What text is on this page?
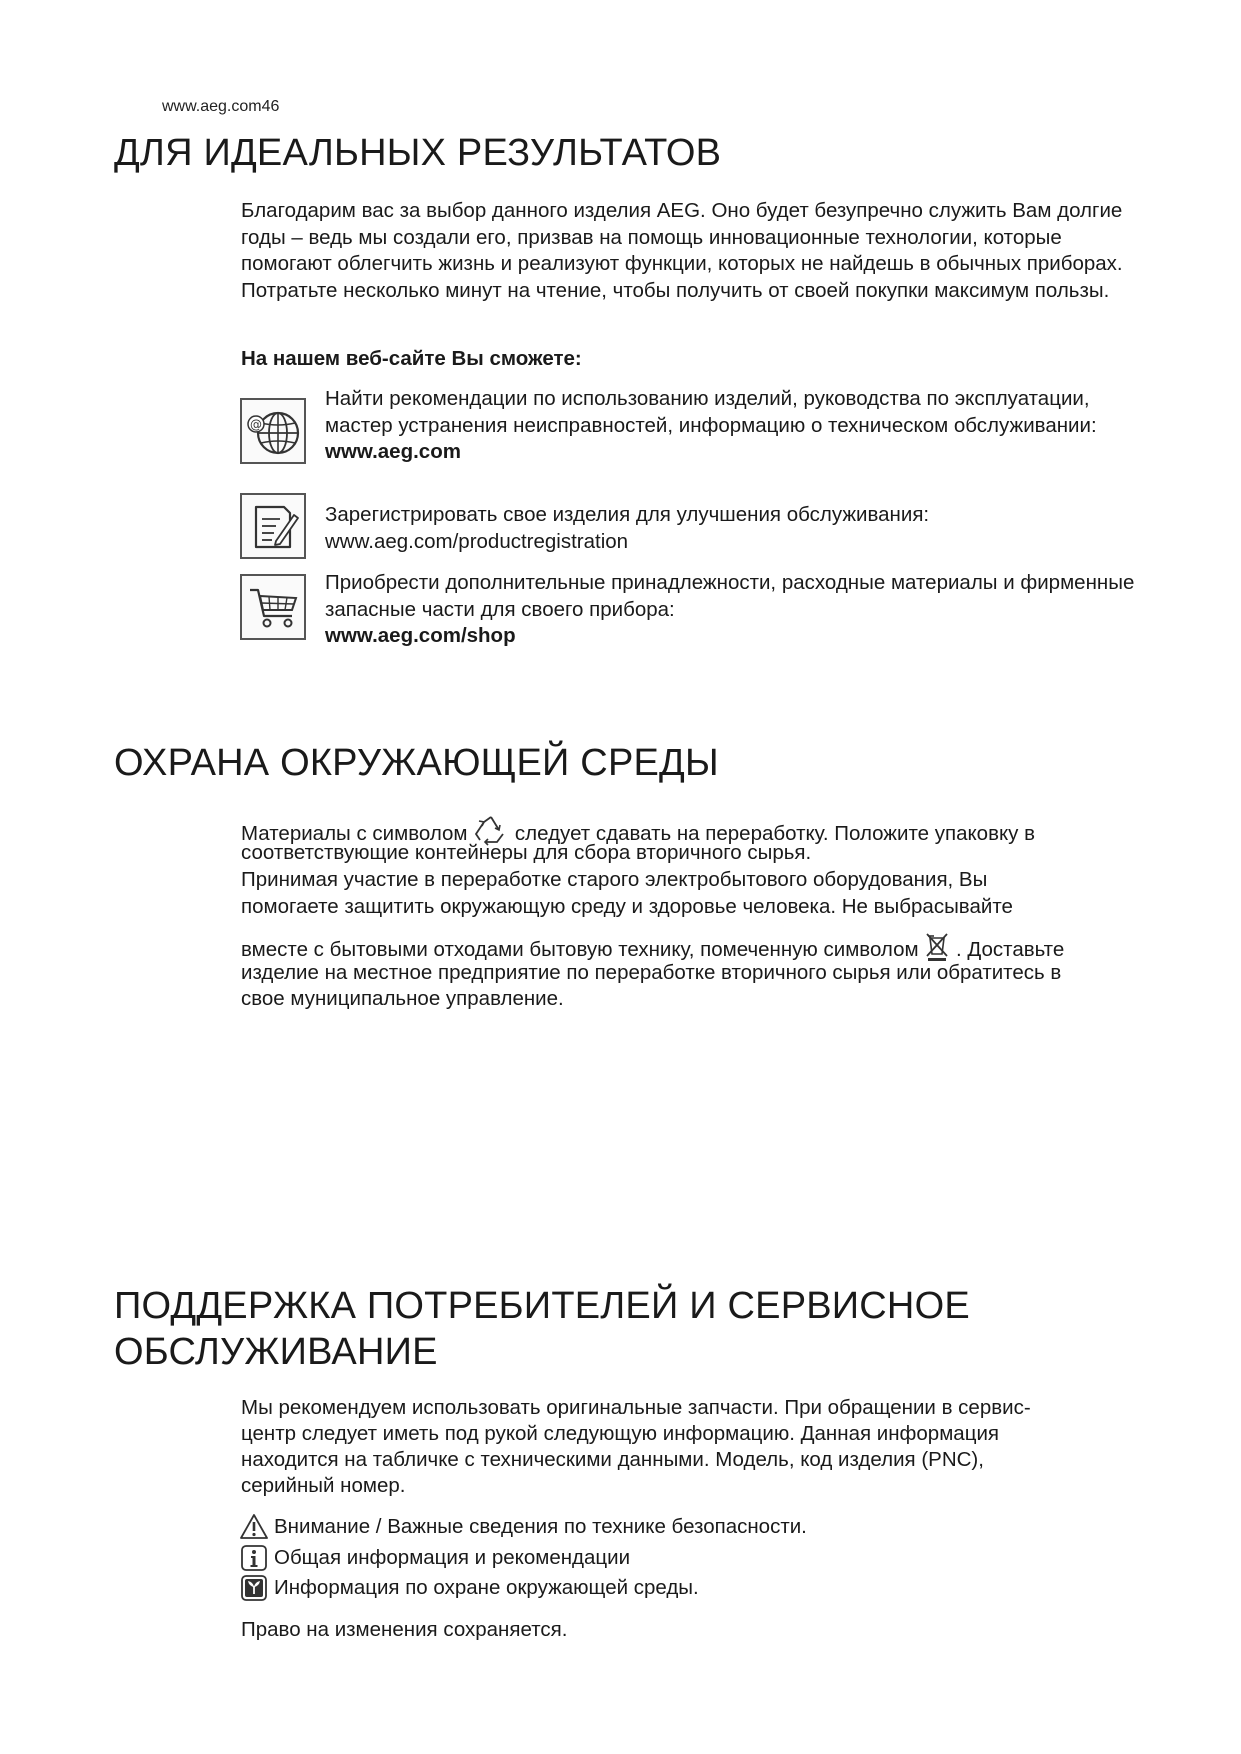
www.aeg.com46
ДЛЯ ИДЕАЛЬНЫХ РЕЗУЛЬТАТОВ

Благодарим вас за выбор данного изделия AEG. Оно будет безупречно служить Вам долгие годы – ведь мы создали его, призвав на помощь инновационные технологии, которые помогают облегчить жизнь и реализуют функции, которых не найдешь в обычных приборах. Потратьте несколько минут на чтение, чтобы получить от своей покупки максимум пользы.

На нашем веб-сайте Вы сможете:
@
Найти рекомендации по использованию изделий, руководства по эксплуатации, мастер устранения неисправностей, информацию о техническом обслуживании:
www.aeg.com
Зарегистрировать свое изделия для улучшения обслуживания:
www.aeg.com/productregistration
Приобрести дополнительные принадлежности, расходные материалы и фирменные запасные части для своего прибора:
www.aeg.com/shop
ОХРАНА ОКРУЖАЮЩЕЙ СРЕДЫ
Материалы с символом следует сдавать на переработку. Положите упаковку в
соответствующие контейнеры для сбора вторичного сырья.
Принимая участие в переработке старого электробытового оборудования, Вы
помогаете защитить окружающую среду и здоровье человека. Не выбрасывайте
вместе с бытовыми отходами бытовую технику, помеченную символом . Доставьте
изделие на местное предприятие по переработке вторичного сырья или обратитесь в
свое муниципальное управление.
ПОДДЕРЖКА ПОТРЕБИТЕЛЕЙ И СЕРВИСНОЕ
ОБСЛУЖИВАНИЕ
Мы рекомендуем использовать оригинальные запчасти. При обращении в сервис-
центр следует иметь под рукой следующую информацию. Данная информация
находится на табличке с техническими данными. Модель, код изделия (PNC),
серийный номер.
Внимание / Важные сведения по технике безопасности.
Общая информация и рекомендации
Информация по охране окружающей среды.
Право на изменения сохраняется.
